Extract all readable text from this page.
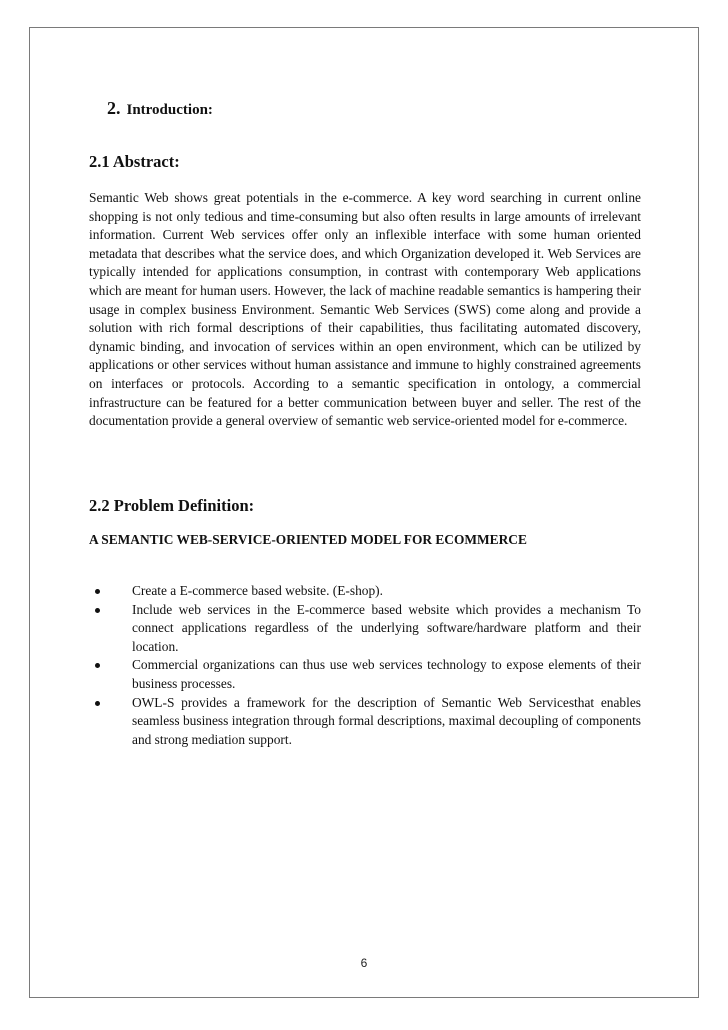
2. Introduction:
2.1 Abstract:

Semantic Web shows great potentials in the e-commerce. A key word searching in current online shopping is not only tedious and time-consuming but also often results in large amounts of irrelevant information. Current Web services offer only an inflexible interface with some human oriented metadata that describes what the service does, and which Organization developed it. Web Services are typically intended for applications consumption, in contrast with contemporary Web applications which are meant for human users. However, the lack of machine readable semantics is hampering their usage in complex business Environment. Semantic Web Services (SWS) come along and provide a solution with rich formal descriptions of their capabilities, thus facilitating automated discovery, dynamic binding, and invocation of services within an open environment, which can be utilized by applications or other services without human assistance and immune to highly constrained agreements on interfaces or protocols. According to a semantic specification in ontology, a commercial infrastructure can be featured for a better communication between buyer and seller. The rest of the documentation provide a general overview of semantic web service-oriented model for e-commerce.

2.2 Problem Definition:

A SEMANTIC WEB-SERVICE-ORIENTED MODEL FOR ECOMMERCE

Create a E-commerce based website. (E-shop).
Include web services in the E-commerce based website which provides a mechanism To connect applications regardless of the underlying software/hardware platform and their location.
Commercial organizations can thus use web services technology to expose elements of their business processes.
OWL-S provides a framework for the description of Semantic Web Servicesthat enables seamless business integration through formal descriptions, maximal decoupling of components and strong mediation support.
6
